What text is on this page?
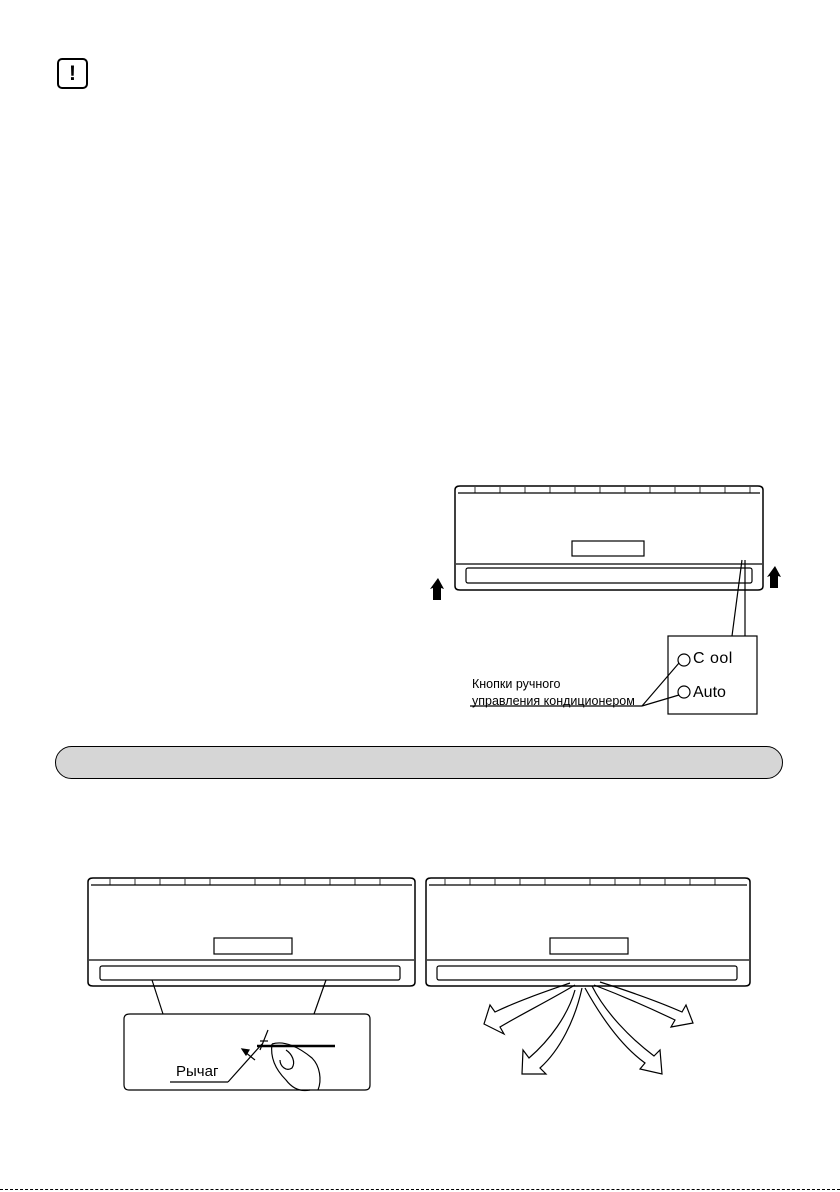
!
Кнопки ручного
управления кондиционером
C ool
Auto
Рычаг
